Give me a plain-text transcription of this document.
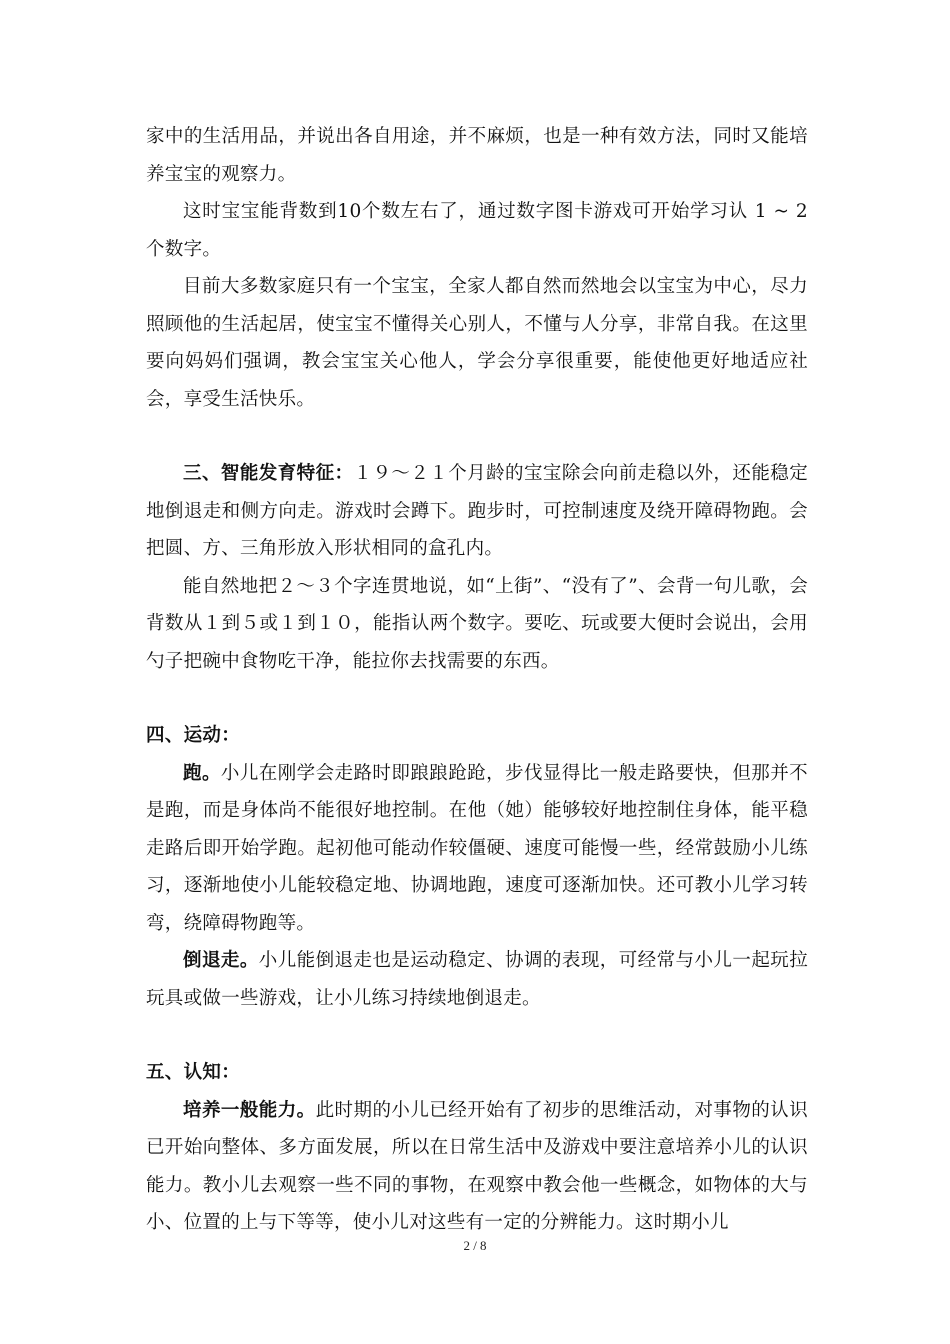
家中的生活用品，并说出各自用途，并不麻烦，也是一种有效方法，同时又能培养宝宝的观察力。

这时宝宝能背数到10个数左右了，通过数字图卡游戏可开始学习认 1 ~ 2 个数字。

目前大多数家庭只有一个宝宝，全家人都自然而然地会以宝宝为中心，尽力照顾他的生活起居，使宝宝不懂得关心别人，不懂与人分享，非常自我。在这里要向妈妈们强调，教会宝宝关心他人，学会分享很重要，能使他更好地适应社会，享受生活快乐。

三、智能发育特征：１９～２１个月龄的宝宝除会向前走稳以外，还能稳定地倒退走和侧方向走。游戏时会蹲下。跑步时，可控制速度及绕开障碍物跑。会把圆、方、三角形放入形状相同的盒孔内。

能自然地把２～３个字连贯地说，如“上街”、“没有了”、会背一句儿歌，会背数从１到５或１到１０，能指认两个数字。要吃、玩或要大便时会说出，会用勺子把碗中食物吃干净，能拉你去找需要的东西。

四、运动：

跑。小儿在刚学会走路时即踉踉跄跄，步伐显得比一般走路要快，但那并不是跑，而是身体尚不能很好地控制。在他（她）能够较好地控制住身体，能平稳走路后即开始学跑。起初他可能动作较僵硬、速度可能慢一些，经常鼓励小儿练习，逐渐地使小儿能较稳定地、协调地跑，速度可逐渐加快。还可教小儿学习转弯，绕障碍物跑等。

倒退走。小儿能倒退走也是运动稳定、协调的表现，可经常与小儿一起玩拉玩具或做一些游戏，让小儿练习持续地倒退走。

五、认知：

培养一般能力。此时期的小儿已经开始有了初步的思维活动，对事物的认识已开始向整体、多方面发展，所以在日常生活中及游戏中要注意培养小儿的认识能力。教小儿去观察一些不同的事物，在观察中教会他一些概念，如物体的大与小、位置的上与下等等，使小儿对这些有一定的分辨能力。这时期小儿

2 / 8
